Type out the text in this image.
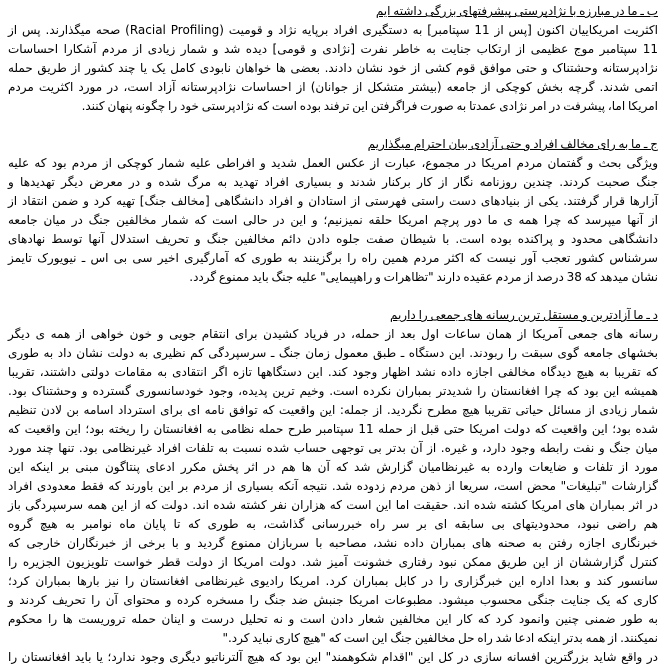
ب ـ ما در مبارزه با نژادپرستی پیشرفتهای بزرگی داشته ایم
اکثریت امریکاییان اکنون [پس از 11 سپتامبر] به دستگیری افراد برپایه نژاد و قومیت (Racial Profiling) صحه میگذارند. پس از
11 سپتامبر موج عظیمی از ارتکاب جنایت به خاطر نفرت [نژادی و قومی] دیده شد و شمار زیادی از مردم آشکارا احساسات
نژادپرستانه وحشتناک و حتی موافق قوم کشی از خود نشان دادند. بعضی ها خواهان نابودی کامل یک یا چند کشور از طریق حمله
اتمی شدند. گرچه بخش کوچکی از جامعه (بیشتر متشکل از جوانان) از احساسات نژادپرستانه آزاد است، در مورد اکثریت مردم
امریکا اما، پیشرفت در امر نژادی عمدتا به صورت فراگرفتن این ترفند بوده است که نژادپرستی خود را چگونه پنهان کنند.
ج ـ ما به رای مخالف افراد و حتی آزادی بیان احترام میگذاریم
ویژگی بحث و گفتمان مردم امریکا در مجموع، عبارت از عکس العمل شدید و افراطی علیه شمار کوچکی از مردم بود که علیه
جنگ صحبت کردند. چندین روزنامه نگار از کار برکنار شدند و بسیاری افراد تهدید به مرگ شده و در معرض دیگر تهدیدها و
آزارها قرار گرفتند. یکی از بنیادهای دست راستی فهرستی از استادان و افراد دانشگاهی [مخالف جنگ] تهیه کرد و ضمن انتقاد از
از آنها میپرسد که چرا همه ی ما دور پرچم امریکا حلقه نمیزنیم؛ و این در حالی است که شمار مخالفین جنگ در میان جامعه
دانشگاهی محدود و پراکنده بوده است. با شیطان صفت جلوه دادن دائم مخالفین جنگ و تحریف استدلال آنها توسط نهادهای
سرشناس کشور تعجب آور نیست که اکثر مردم همین راه را برگزینند به طوری که آمارگیری اخیر سی بی اس ـ نیویورک تایمز
نشان میدهد که 38 درصد از مردم عقیده دارند "تظاهرات و راهپیمایی" علیه جنگ باید ممنوع گردد.
د ـ ما آزادترین و مستقل ترین رسانه های جمعی را داریم
رسانه های جمعی آمریکا از همان ساعات اول بعد از حمله، در فریاد کشیدن برای انتقام جویی و خون خواهی از همه ی دیگر
بخشهای جامعه گوی سبقت را ربودند. این دستگاه ـ طبق معمول زمان جنگ ـ سرسپردگی کم نظیری به دولت نشان داد به طوری
که تقریبا به هیچ دیدگاه مخالفی اجازه داده نشد اظهار وجود کند. این دستگاهها تازه اگر انتقادی به مقامات دولتی داشتند، تقریبا
همیشه این بود که چرا افغانستان را شدیدتر بمباران نکرده است. وخیم ترین پدیده، وجود خودسانسوری گسترده و وحشتناک بود.
شمار زیادی از مسائل حیاتی تقریبا هیچ مطرح نگردید. از جمله: این واقعیت که توافق نامه ای برای استرداد اسامه بن لادن تنظیم
شده بود؛ این واقعیت که دولت امریکا حتی قبل از حمله 11 سپتامبر طرح حمله نظامی به افغانستان را ریخته بود؛ این واقعیت که
میان جنگ و نفت رابطه وجود دارد، و غیره. از آن بدتر بی توجهی حساب شده نسبت به تلفات افراد غیرنظامی بود. تنها چند مورد
مورد از تلفات و ضایعات وارده به غیرنظامیان گزارش شد که آن ها هم در اثر پخش مکرر ادعای پنتاگون مبنی بر اینکه این
گزارشات "تبلیغات" محض است، سریعا از ذهن مردم زدوده شد. نتیجه آنکه بسیاری از مردم بر این باورند که فقط معدودی افراد
در اثر بمباران های امریکا کشته شده اند. حقیقت اما این است که هزاران نفر کشته شده اند. دولت که از این همه سرسپردگی باز
هم راضی نبود، محدودیتهای بی سابقه ای بر سر راه خبررسانی گذاشت، به طوری که تا پایان ماه نوامبر به هیچ گروه
خبرنگاری اجازه رفتن به صحنه های بمباران داده نشد، مصاحبه با سربازان ممنوع گردید و با برخی از خبرنگاران خارجی که
کنترل گزارششان از این طریق ممکن نبود رفتاری خشونت آمیز شد. دولت امریکا از دولت قطر خواست تلویزیون الجزیره را
سانسور کند و بعدا اداره این خبرگزاری را در کابل بمباران کرد. امریکا رادیوی غیرنظامی افغانستان را نیز بارها بمباران کرد؛
کاری که یک جنایت جنگی محسوب میشود. مطبوعات امریکا جنبش ضد جنگ را مسخره کرده و محتوای آن را تحریف کردند و
به طور ضمنی چنین وانمود کرد که کار این مخالفین شعار دادن است و نه تحلیل درست و اینان حمله تروریست ها را محکوم
نمیکنند. از همه بدتر اینکه ادعا شد راه حل مخالفین جنگ این است که "هیچ کاری نباید کرد."
در واقع شاید بزرگترین افسانه سازی در کل این "اقدام شکوهمند" این بود که هیچ آلترناتیو دیگری وجود ندارد؛ یا باید افغانستان را
